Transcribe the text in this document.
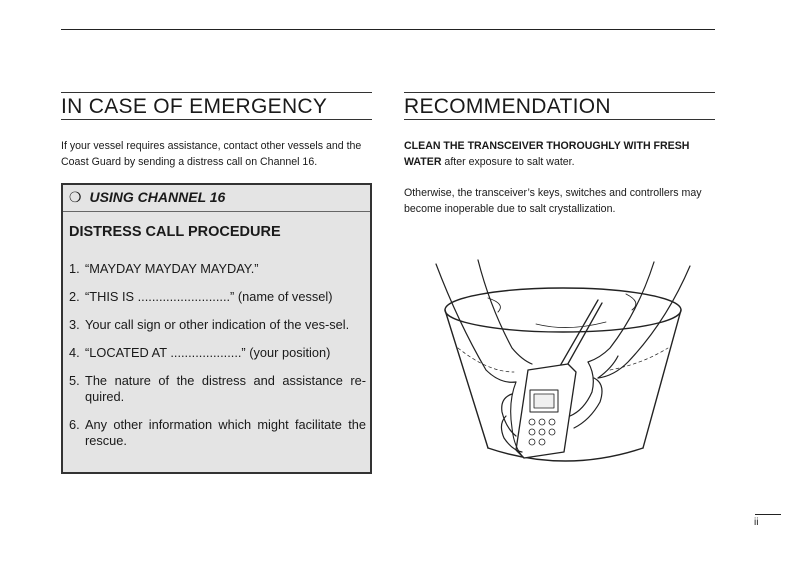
IN CASE OF EMERGENCY	RECOMMENDATION
If your vessel requires assistance, contact other vessels and the Coast Guard by sending a distress call on Channel 16.
❍ USING CHANNEL 16
DISTRESS CALL PROCEDURE
1. “MAYDAY MAYDAY MAYDAY.”
2. “THIS IS ..........................” (name of vessel)
3. Your call sign or other indication of the ves-sel.
4. “LOCATED AT ....................” (your position)
5. The nature of the distress and assistance re-quired.
6. Any other information which might facilitate the rescue.
CLEAN THE TRANSCEIVER THOROUGHLY WITH FRESH WATER after exposure to salt water.
Otherwise, the transceiver’s keys, switches and controllers may become inoperable due to salt crystallization.
ii
